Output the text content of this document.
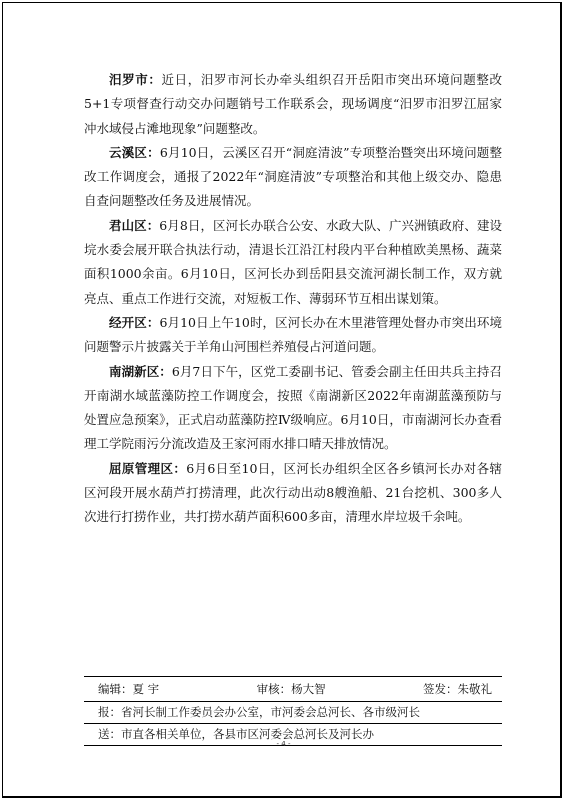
汨罗市：近日，汨罗市河长办牵头组织召开岳阳市突出环境问题整改5+1专项督查行动交办问题销号工作联系会，现场调度“汨罗市汨罗江屈家冲水域侵占滩地现象”问题整改。

云溪区：6月10日，云溪区召开“洞庭清波”专项整治暨突出环境问题整改工作调度会，通报了2022年“洞庭清波”专项整治和其他上级交办、隐患自查问题整改任务及进展情况。

君山区：6月8日，区河长办联合公安、水政大队、广兴洲镇政府、建设垸水委会展开联合执法行动，清退长江沿江村段内平台种植欧美黑杨、蔬菜面积1000余亩。6月10日，区河长办到岳阳县交流河湖长制工作，双方就亮点、重点工作进行交流，对短板工作、薄弱环节互相出谋划策。

经开区：6月10日上午10时，区河长办在木里港管理处督办市突出环境问题警示片披露关于羊角山河围栏养殖侵占河道问题。

南湖新区：6月7日下午，区党工委副书记、管委会副主任田共兵主持召开南湖水域蓝藻防控工作调度会，按照《南湖新区2022年南湖蓝藻预防与处置应急预案》，正式启动蓝藻防控Ⅳ级响应。6月10日，市南湖河长办查看理工学院雨污分流改造及王家河雨水排口晴天排放情况。

屈原管理区：6月6日至10日，区河长办组织全区各乡镇河长办对各辖区河段开展水葫芦打捞清理，此次行动出动8艘渔船、21台挖机、300多人次进行打捞作业，共打捞水葫芦面积600多亩，清理水岸垃圾千余吨。

编辑：夏 宇	审核：杨大智	签发：朱敬礼
报：省河长制工作委员会办公室，市河委会总河长、各市级河长
送：市直各相关单位，各县市区河委会总河长及河长办
- 4 -
